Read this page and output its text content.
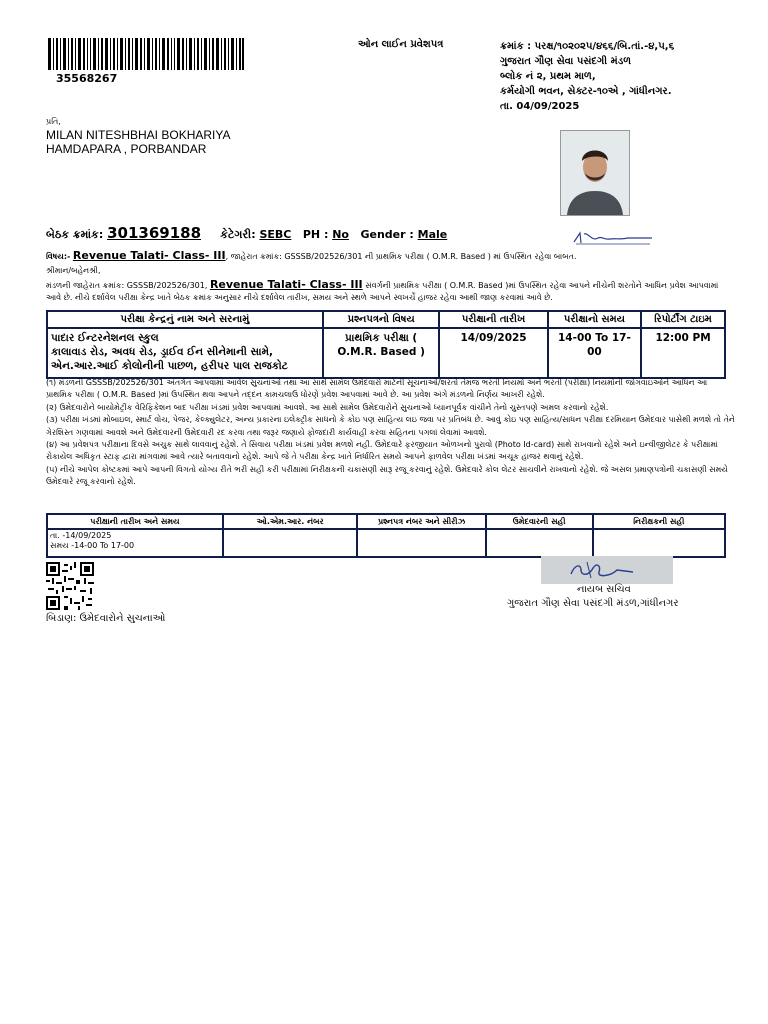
35568267
ઓન લાઈન પ્રવેશપત્ર	ક્રમાંક : પરક્ષ/૧૦૨૦૨૫/૪૬૬/બિ.તાં.-૪,૫,૬
ગુજરાત ગૌણ સેવા પસંદગી મંડળ
બ્લોક નં ૨, પ્રથમ માળ,
કર્મયોગી ભવન, સેક્ટર-૧૦એ , ગાંધીનગર.
તા. 04/09/2025
પ્રતિ,
MILAN NITESHBHAI BOKHARIYA
HAMDAPARA , PORBANDAR
બેઠક ક્રમાંક: 301369188 કેટેગરી: SEBC PH : No Gender : Male
વિષય:- Revenue Talati- Class- III, જાહેરાત ક્રમાંક: GSSSB/202526/301 ની પ્રાથમિક પરીક્ષા ( O.M.R. Based ) માં ઉપસ્થિત રહેવા બાબત.
શ્રીમાન/બહેનશ્રી,
મંડળની જાહેરાત ક્રમાંક: GSSSB/202526/301, Revenue Talati- Class- III સંવર્ગની પ્રાથમિક પરીક્ષા ( O.M.R. Based )માં ઉપસ્થિત રહેવા આપને નીચેની શરતોને આધિન પ્રવેશ આપવામાં આવે છે. નીચે દર્શાવેલ પરીક્ષા કેન્દ્ર ખાતે બેઠક ક્રમાંક અનુસાર નીચે દર્શાવેલ તારીખ, સમય અને સ્થળે આપને સ્વખર્ચે હાજર રહેવા આથી જાણ કરવામાં આવે છે.
પરીક્ષા કેન્દ્રનું નામ અને સરનામું	પ્રશ્નપત્રનો વિષય	પરીક્ષાની તારીખ	પરીક્ષાનો સમય	રિપોર્ટીંગ ટાઇમ

પાદાર ઈન્ટરનેશનલ સ્કુલ
કાલાવાડ રોડ, અવધ રોડ, ડ્રાઈવ ઈન સીનેમાની સામે,
એન.આર.આઈ કોલોનીની પાછળ, હરીપર પાલ રાજકોટ	પ્રાથમિક પરીક્ષા ( O.M.R. Based )	14/09/2025	14-00 To 17-00	12:00 PM
(૧) મંડળની GSSSB/202526/301 અંતર્ગત આપવામાં આવેલ સુચનાઓ તથા આ સાથે સામેલ ઉમેદવારો માટેની સૂચનાઓ/શરતો તેમજ ભરતી નિયમો અને ભરતી (પરીક્ષા) નિયમોની જોગવાઇઓને આધિન આ પ્રાથમિક પરીક્ષા ( O.M.R. Based )માં ઉપસ્થિત થવા આપને તદ્દન કામચલાઉ ધોરણે પ્રવેશ આપવામાં આવે છે. આ પ્રવેશ અંગે મંડળનો નિર્ણય આખરી રહેશે.
(૨) ઉમેદવારોને બાયોમેટ્રીક વેરિફિકેશન બાદ પરીક્ષા ખંડમાં પ્રવેશ આપવામાં આવશે. આ સાથે સામેલ ઉમેદવારોને સુચનાઓ ધ્યાનપૂર્વક વાંચીને તેનો ચુસ્તપણે અમલ કરવાનો રહેશે.
(૩) પરીક્ષા ખંડમાં મોબાઇલ, સ્માર્ટ વોચ, પેજર, કેલ્ક્યુલેટર, અન્ય પ્રકારના ઇલેક્ટ્રીક સાધનો કે કોઇ પણ સાહિત્ય લઇ જવા પર પ્રતિબંધ છે. આવું કોઇ પણ સાહિત્ય/સાધન પરીક્ષા દરમિયાન ઉમેદવાર પાસેથી મળશે તો તેને ગેરશિસ્ત ગણવામાં આવશે અને ઉમેદવારની ઉમેદવારી રદ કરવા તથા જરૂર જણાયે ફોજદારી કાર્યવાહી કરવા સહિતના પગલાં લેવામાં આવશે.
(૪) આ પ્રવેશપત્ર પરીક્ષાના દિવસે અચુક સાથે લાવવાનું રહેશે. તે સિવાય પરીક્ષા ખંડમાં પ્રવેશ મળશે નહી. ઉમેદવારે ફરજીયાત ઓળખનો પુરાવો (Photo Id-card) સાથે રાખવાનો રહેશે અને ઇન્વીજીલેટર કે પરીક્ષામાં રોકાયેલ અધિકૃત સ્ટાફ દ્વારા માંગવામાં આવે ત્યારે બતાવવાનો રહેશે. આપે જે તે પરીક્ષા કેન્દ્ર ખાતે નિર્ધારિત સમયે આપને ફાળવેલ પરીક્ષા ખંડમાં અચૂક હાજર થવાનું રહેશે.
(૫) નીચે આપેલ કોષ્ટકમાં આપે આપની વિગતો યોગ્ય રીતે ભરી સહી કરી પરીક્ષામાં નિરીક્ષકની ચકાસણી સારૂ રજૂ કરવાનું રહેશે. ઉમેદવારે કોલ લેટર સાચવીને રાખવાનો રહેશે. જે અસલ પ્રમાણપત્રોની ચકાસણી સમયે ઉમેદવારે રજૂ કરવાનો રહેશે.
પરીક્ષાની તારીખ અને સમય	ઓ.એમ.આર. નંબર	પ્રશ્નપત્ર નંબર અને સીરીઝ	ઉમેદવારની સહી	નિરીક્ષકની સહી

તા. -14/09/2025
સમય -14-00 To 17-00				

બિડાણ: ઉમેદવારોને સુચનાઓ
નાયબ સચિવ
ગુજરાત ગૌણ સેવા પસંદગી મંડળ,ગાંધીનગર
